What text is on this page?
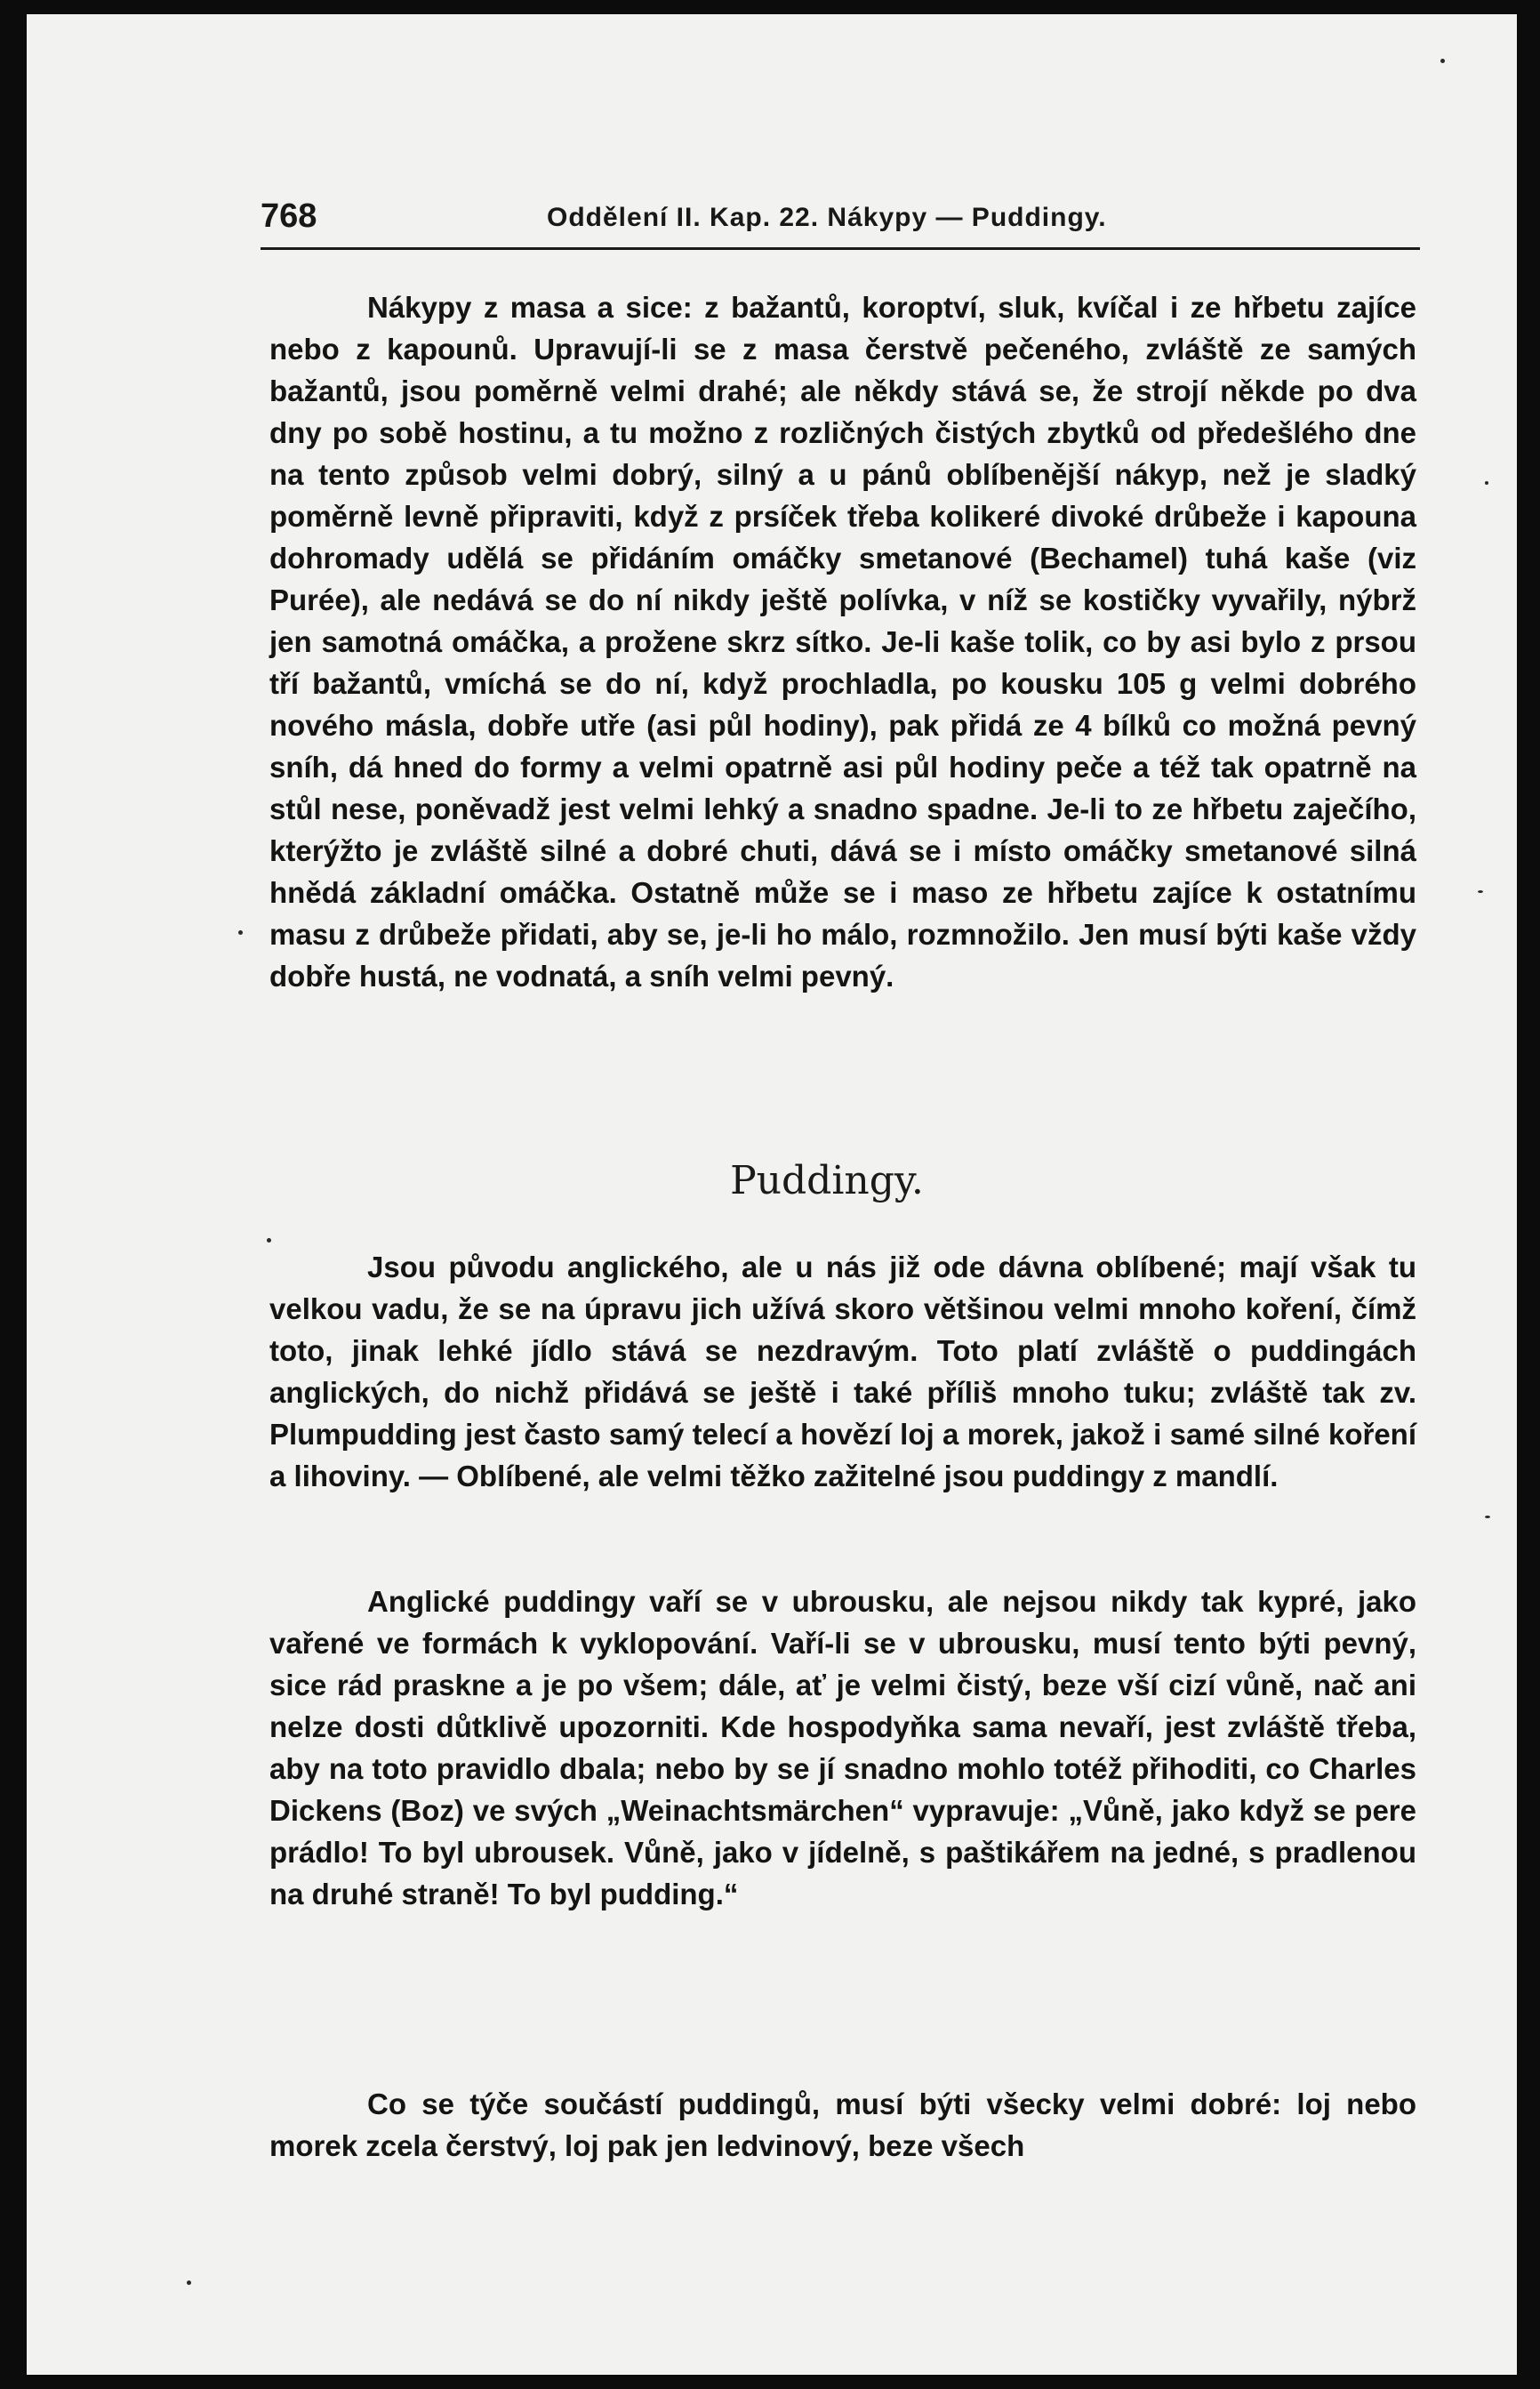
768	Oddělení II. Kap. 22. Nákypy — Puddingy.

Nákypy z masa a sice: z bažantů, koroptví, sluk, kvíčal i ze hřbetu zajíce nebo z kapounů. Upravují-li se z masa čerstvě pečeného, zvláště ze samých bažantů, jsou poměrně velmi drahé; ale někdy stává se, že strojí někde po dva dny po sobě hostinu, a tu možno z rozličných čistých zbytků od předešlého dne na tento způsob velmi dobrý, silný a u pánů oblíbenější nákyp, než je sladký poměrně levně připraviti, když z prsíček třeba kolikeré divoké drůbeže i kapouna dohromady udělá se přidáním omáčky smetanové (Bechamel) tuhá kaše (viz Purée), ale nedává se do ní nikdy ještě polívka, v níž se kostičky vyvařily, nýbrž jen samotná omáčka, a prožene skrz sítko. Je-li kaše tolik, co by asi bylo z prsou tří bažantů, vmíchá se do ní, když prochladla, po kousku 105 g velmi dobrého nového másla, dobře utře (asi půl hodiny), pak přidá ze 4 bílků co možná pevný sníh, dá hned do formy a velmi opatrně asi půl hodiny peče a též tak opatrně na stůl nese, poněvadž jest velmi lehký a snadno spadne. Je-li to ze hřbetu zaječího, kterýžto je zvláště silné a dobré chuti, dává se i místo omáčky smetanové silná hnědá základní omáčka. Ostatně může se i maso ze hřbetu zajíce k ostatnímu masu z drůbeže přidati, aby se, je-li ho málo, rozmnožilo. Jen musí býti kaše vždy dobře hustá, ne vodnatá, a sníh velmi pevný.

Puddingy.

Jsou původu anglického, ale u nás již ode dávna oblíbené; mají však tu velkou vadu, že se na úpravu jich užívá skoro většinou velmi mnoho koření, čímž toto, jinak lehké jídlo stává se nezdravým. Toto platí zvláště o puddingách anglických, do nichž přidává se ještě i také příliš mnoho tuku; zvláště tak zv. Plumpudding jest často samý telecí a hovězí loj a morek, jakož i samé silné koření a lihoviny. — Oblíbené, ale velmi těžko zažitelné jsou puddingy z mandlí.

Anglické puddingy vaří se v ubrousku, ale nejsou nikdy tak kypré, jako vařené ve formách k vyklopování. Vaří-li se v ubrousku, musí tento býti pevný, sice rád praskne a je po všem; dále, ať je velmi čistý, beze vší cizí vůně, nač ani nelze dosti důtklivě upozorniti. Kde hospodyňka sama nevaří, jest zvláště třeba, aby na toto pravidlo dbala; nebo by se jí snadno mohlo totéž přihoditi, co Charles Dickens (Boz) ve svých „Weinachtsmärchen“ vypravuje: „Vůně, jako když se pere prádlo! To byl ubrousek. Vůně, jako v jídelně, s paštikářem na jedné, s pradlenou na druhé straně! To byl pudding.“

Co se týče součástí puddingů, musí býti všecky velmi dobré: loj nebo morek zcela čerstvý, loj pak jen ledvinový, beze všech
